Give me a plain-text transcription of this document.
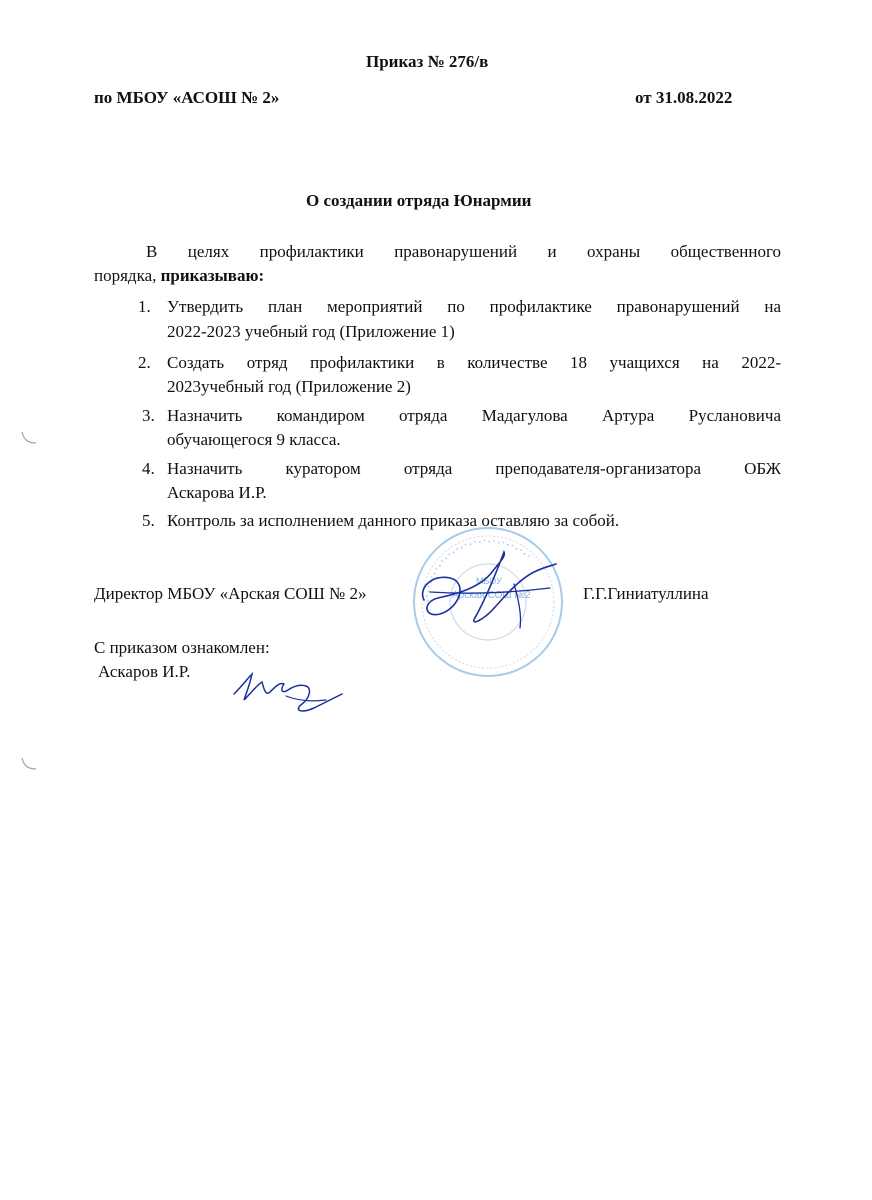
Приказ № 276/в
по МБОУ «АСОШ № 2»	от 31.08.2022
О создании отряда Юнармии
В целях профилактики правонарушений и охраны общественного
порядка, приказываю:
1. Утвердить план мероприятий по профилактике правонарушений на
2022-2023 учебный год (Приложение 1)
2. Создать отряд профилактики в количестве 18 учащихся на 2022-
2023учебный год (Приложение 2)
3. Назначить командиром отряда Мадагулова Артура Руслановича
обучающегося 9 класса.
4. Назначить куратором отряда преподавателя-организатора ОБЖ
Аскарова И.Р.
5. Контроль за исполнением данного приказа оставляю за собой.
• * • * • * • * • * • * • * • * • * • * • * • * • * • * • *
МБОУ
Арская СОШ №2
Директор МБОУ «Арская СОШ № 2»	Г.Г.Гиниатуллина
С приказом ознакомлен:
Аскаров И.Р.
